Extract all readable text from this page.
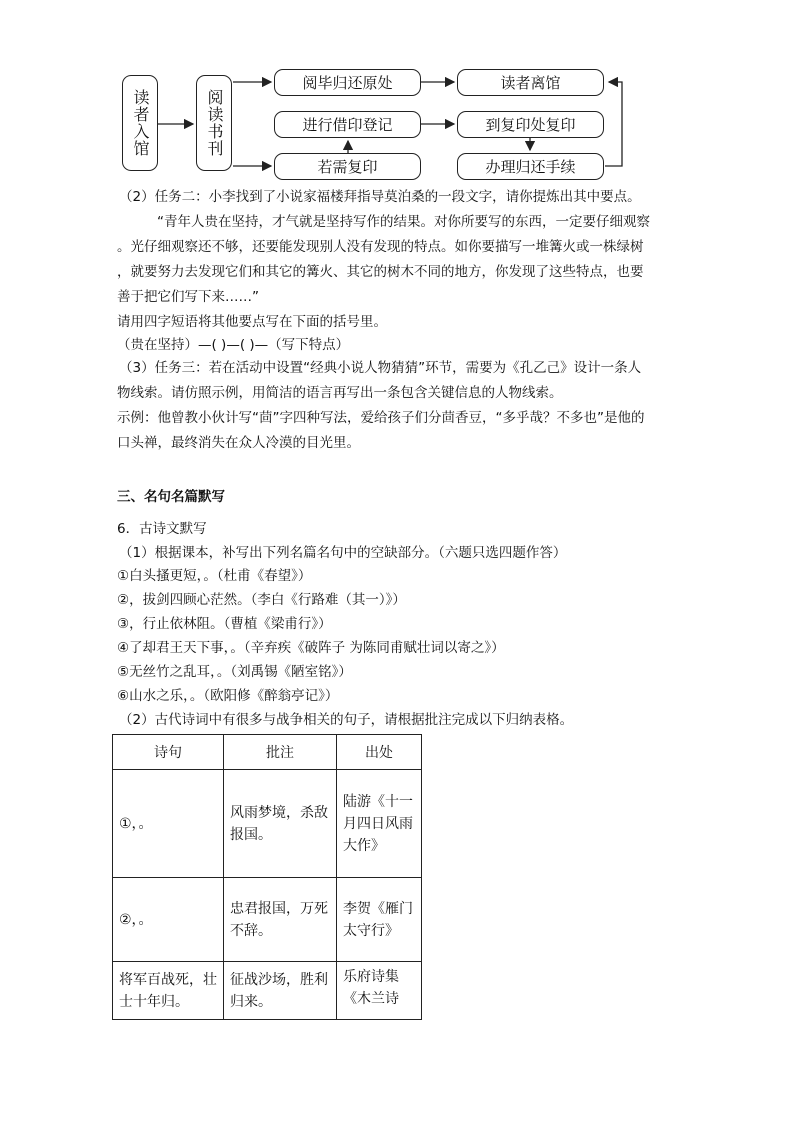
读者入馆	阅读书刊
阅毕归还原处	读者离馆
进行借印登记	到复印处复印
若需复印	办理归还手续
（2）任务二：小李找到了小说家福楼拜指导莫泊桑的一段文字，请你提炼出其中要点。
“青年人贵在坚持，才气就是坚持写作的结果。对你所要写的东西，一定要仔细观察
。光仔细观察还不够，还要能发现别人没有发现的特点。如你要描写一堆篝火或一株绿树
，就要努力去发现它们和其它的篝火、其它的树木不同的地方，你发现了这些特点，也要
善于把它们写下来……”
请用四字短语将其他要点写在下面的括号里。
（贵在坚持）—( )—( )—（写下特点）
（3）任务三：若在活动中设置“经典小说人物猜猜”环节，需要为《孔乙己》设计一条人
物线索。请仿照示例，用简洁的语言再写出一条包含关键信息的人物线索。
示例：他曾教小伙计写“茴”字四种写法，爱给孩子们分茴香豆，“多乎哉？不多也”是他的
口头禅，最终消失在众人冷漠的目光里。
三、名句名篇默写
6．古诗文默写
（1）根据课本，补写出下列名篇名句中的空缺部分。（六题只选四题作答）
①白头搔更短，。（杜甫《春望》）
②，拔剑四顾心茫然。（李白《行路难（其一）》）
③，行止依林阻。（曹植《梁甫行》）
④了却君王天下事，。（辛弃疾《破阵子 为陈同甫赋壮词以寄之》）
⑤无丝竹之乱耳，。（刘禹锡《陋室铭》）
⑥山水之乐，。（欧阳修《醉翁亭记》）
（2）古代诗词中有很多与战争相关的句子，请根据批注完成以下归纳表格。
诗句	批注	出处

①，。	风雨梦境，杀敌报国。	陆游《十一月四日风雨大作》

②，。	忠君报国，万死不辞。	李贺《雁门太守行》

将军百战死，壮士十年归。	征战沙场，胜利归来。	乐府诗集《木兰诗
